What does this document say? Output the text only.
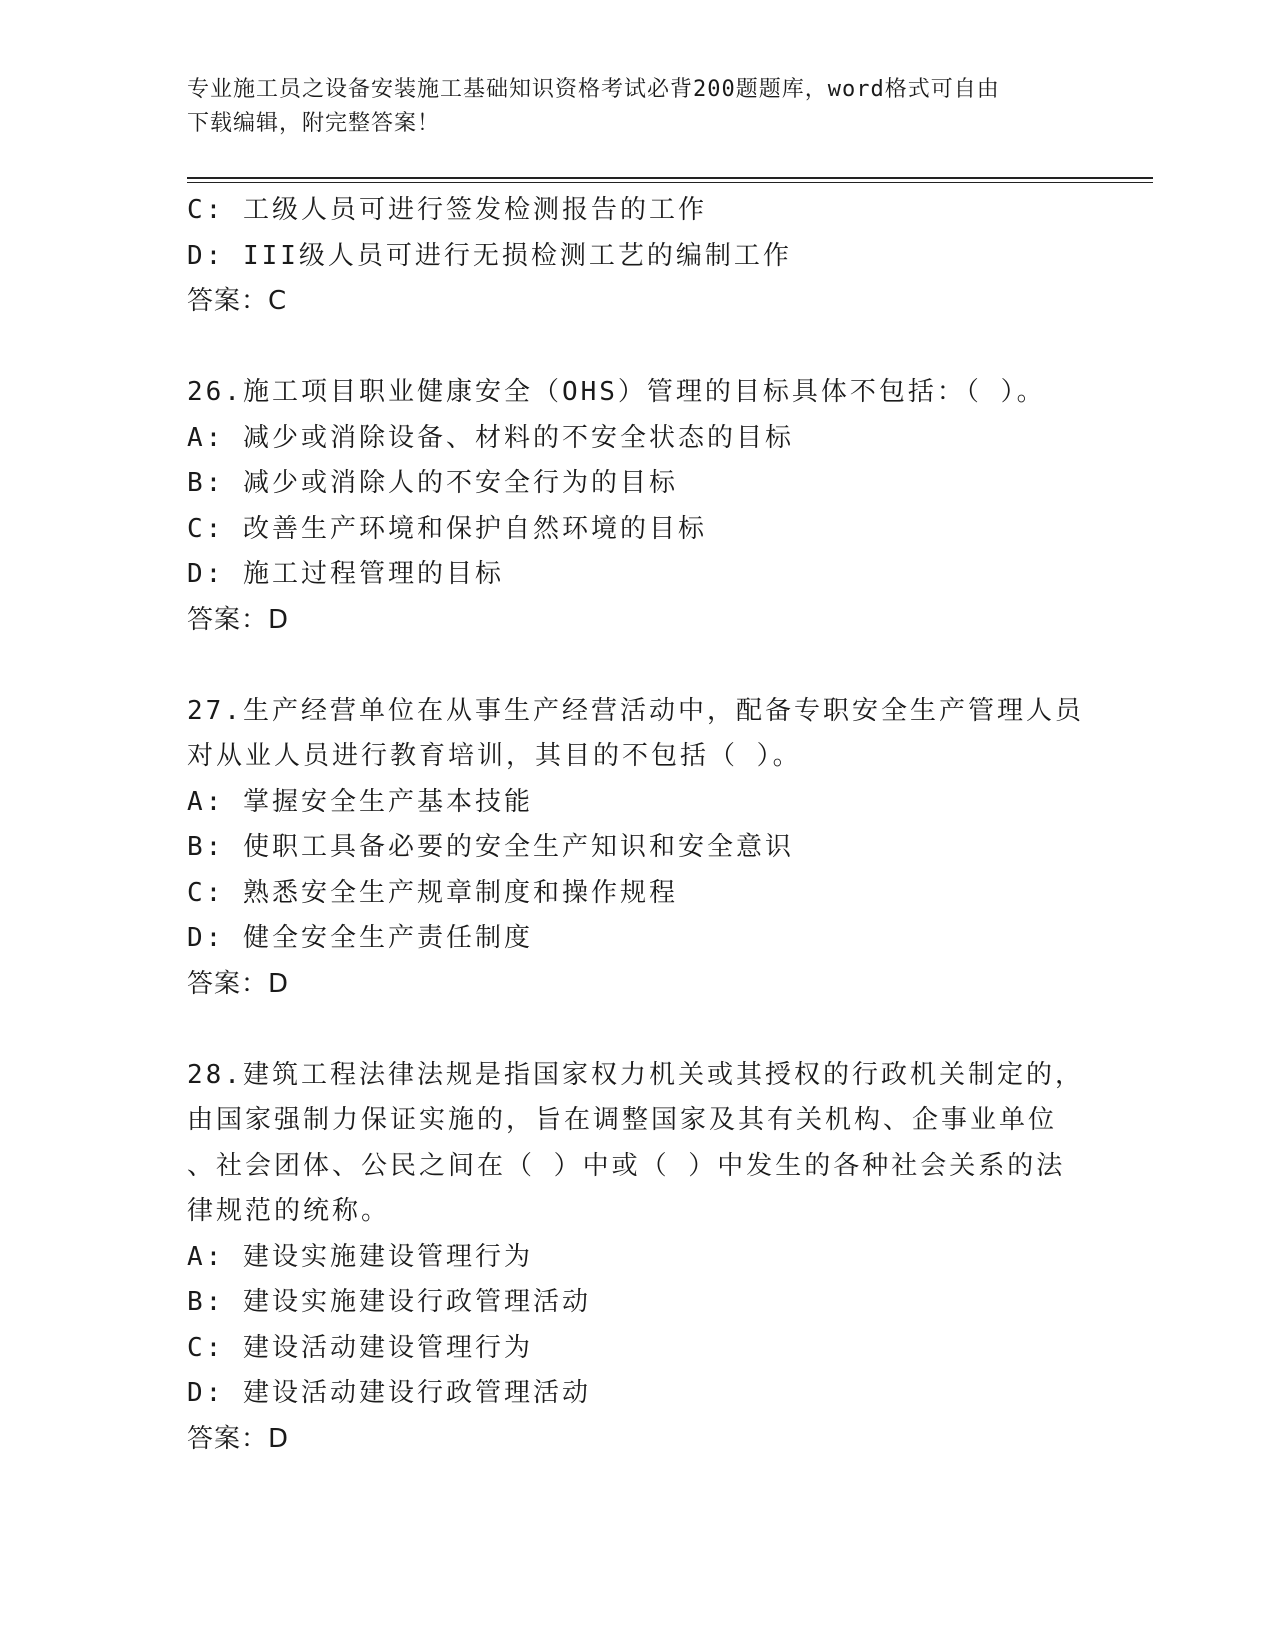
专业施工员之设备安装施工基础知识资格考试必背200题题库，word格式可自由
下载编辑，附完整答案！
C: 工级人员可进行签发检测报告的工作
D: III级人员可进行无损检测工艺的编制工作
答案：C
26.施工项目职业健康安全（OHS）管理的目标具体不包括：（ ）。
A: 减少或消除设备、材料的不安全状态的目标
B: 减少或消除人的不安全行为的目标
C: 改善生产环境和保护自然环境的目标
D: 施工过程管理的目标
答案：D
27.生产经营单位在从事生产经营活动中，配备专职安全生产管理人员
对从业人员进行教育培训，其目的不包括（ ）。
A: 掌握安全生产基本技能
B: 使职工具备必要的安全生产知识和安全意识
C: 熟悉安全生产规章制度和操作规程
D: 健全安全生产责任制度
答案：D
28.建筑工程法律法规是指国家权力机关或其授权的行政机关制定的，
由国家强制力保证实施的，旨在调整国家及其有关机构、企事业单位
、社会团体、公民之间在（ ）中或（ ）中发生的各种社会关系的法
律规范的统称。
A: 建设实施建设管理行为
B: 建设实施建设行政管理活动
C: 建设活动建设管理行为
D: 建设活动建设行政管理活动
答案：D
